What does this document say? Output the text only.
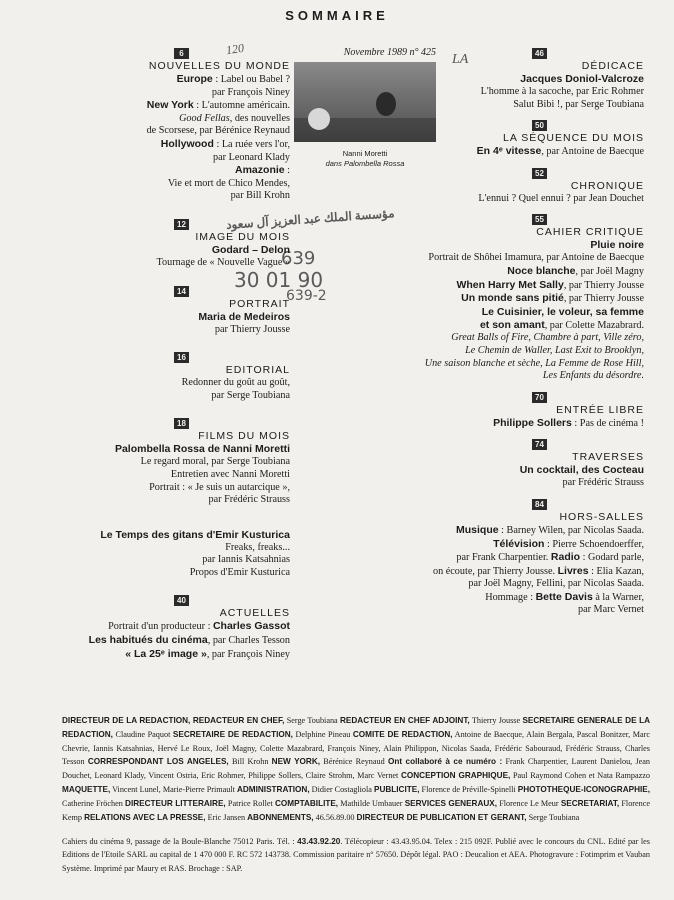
SOMMAIRE
120
LA
Novembre 1989 n° 425
Nanni Moretti
dans Palombella Rossa
مؤسسة الملك عبد العزيز آل سعود
639
30 01 90
639-2
6
NOUVELLES DU MONDE
Europe : Label ou Babel ?
par François Niney
New York : L'automne américain.
Good Fellas, des nouvelles
de Scorsese, par Bérénice Reynaud
Hollywood : La ruée vers l'or,
par Leonard Klady
Amazonie :
Vie et mort de Chico Mendes,
par Bill Krohn
12
IMAGE DU MOIS
Godard – Delon
Tournage de « Nouvelle Vague »
14
PORTRAIT
Maria de Medeiros
par Thierry Jousse
16
EDITORIAL
Redonner du goût au goût,
par Serge Toubiana
18
FILMS DU MOIS
Palombella Rossa de Nanni Moretti
Le regard moral, par Serge Toubiana
Entretien avec Nanni Moretti
Portrait : « Je suis un autarcique »,
par Frédéric Strauss
Le Temps des gitans d'Emir Kusturica
Freaks, freaks...
par Iannis Katsahnias
Propos d'Emir Kusturica
40
ACTUELLES
Portrait d'un producteur : Charles Gassot
Les habitués du cinéma, par Charles Tesson
« La 25ᵉ image », par François Niney
46
DÉDICACE
Jacques Doniol-Valcroze
L'homme à la sacoche, par Eric Rohmer
Salut Bibi !, par Serge Toubiana
50
LA SÉQUENCE DU MOIS
En 4ᵉ vitesse, par Antoine de Baecque
52
CHRONIQUE
L'ennui ? Quel ennui ? par Jean Douchet
55
CAHIER CRITIQUE
Pluie noire
Portrait de Shôhei Imamura, par Antoine de Baecque
Noce blanche, par Joël Magny
When Harry Met Sally, par Thierry Jousse
Un monde sans pitié, par Thierry Jousse
Le Cuisinier, le voleur, sa femme
et son amant, par Colette Mazabrard.
Great Balls of Fire, Chambre à part, Ville zéro,
Le Chemin de Waller, Last Exit to Brooklyn,
Une saison blanche et sèche, La Femme de Rose Hill,
Les Enfants du désordre.
70
ENTRÉE LIBRE
Philippe Sollers : Pas de cinéma !
74
TRAVERSES
Un cocktail, des Cocteau
par Frédéric Strauss
84
HORS-SALLES
Musique : Barney Wilen, par Nicolas Saada.
Télévision : Pierre Schoendoerffer,
par Frank Charpentier. Radio : Godard parle,
on écoute, par Thierry Jousse. Livres : Elia Kazan,
par Joël Magny, Fellini, par Nicolas Saada.
Hommage : Bette Davis à la Warner,
par Marc Vernet
DIRECTEUR DE LA REDACTION, REDACTEUR EN CHEF, Serge Toubiana REDACTEUR EN CHEF ADJOINT, Thierry Jousse SECRETAIRE GENERALE DE LA REDACTION, Claudine Paquot SECRETAIRE DE REDACTION, Delphine Pineau COMITE DE REDACTION, Antoine de Baecque, Alain Bergala, Pascal Bonitzer, Marc Chevrie, Iannis Katsahnias, Hervé Le Roux, Joël Magny, Colette Mazabrard, François Niney, Alain Philippon, Nicolas Saada, Frédéric Sabouraud, Frédéric Strauss, Charles Tesson CORRESPONDANT LOS ANGELES, Bill Krohn NEW YORK, Bérénice Reynaud Ont collaboré à ce numéro : Frank Charpentier, Laurent Danielou, Jean Douchet, Leonard Klady, Vincent Ostria, Eric Rohmer, Philippe Sollers, Claire Strohm, Marc Vernet CONCEPTION GRAPHIQUE, Paul Raymond Cohen et Nata Rampazzo MAQUETTE, Vincent Lunel, Marie-Pierre Primault ADMINISTRATION, Didier Costagliola PUBLICITE, Florence de Préville-Spinelli PHOTOTHEQUE-ICONOGRAPHIE, Catherine Fröchen DIRECTEUR LITTERAIRE, Patrice Rollet COMPTABILITE, Mathilde Umbauer SERVICES GENERAUX, Florence Le Meur SECRETARIAT, Florence Kemp RELATIONS AVEC LA PRESSE, Eric Jansen ABONNEMENTS, 46.56.89.00 DIRECTEUR DE PUBLICATION ET GERANT, Serge Toubiana
Cahiers du cinéma 9, passage de la Boule-Blanche 75012 Paris. Tél. : 43.43.92.20. Télécopieur : 43.43.95.04. Telex : 215 092F. Publié avec le concours du CNL. Edité par les Editions de l'Etoile SARL au capital de 1 470 000 F. RC 572 143738. Commission paritaire n° 57650. Dépôt légal. PAO : Deucalion et AEA. Photogravure : Fotimprim et Vauban Système. Imprimé par Maury et RAS. Brochage : SAP.
